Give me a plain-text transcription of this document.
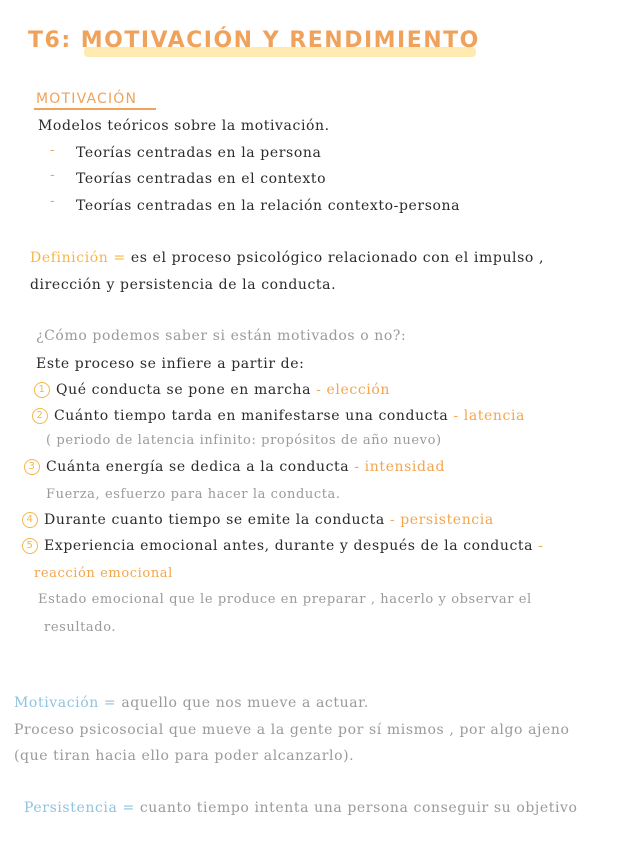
T6: MOTIVACIÓN Y RENDIMIENTO
MOTIVACIÓN
Modelos teóricos sobre la motivación.
- Teorías centradas en la persona
- Teorías centradas en el contexto
- Teorías centradas en la relación contexto-persona
Definición = es el proceso psicológico relacionado con el impulso ,
dirección y persistencia de la conducta.
¿Cómo podemos saber si están motivados o no?:
Este proceso se infiere a partir de:
1 Qué conducta se pone en marcha - elección
2 Cuánto tiempo tarda en manifestarse una conducta - latencia
( periodo de latencia infinito: propósitos de año nuevo)
3 Cuánta energía se dedica a la conducta - intensidad
Fuerza, esfuerzo para hacer la conducta.
4 Durante cuanto tiempo se emite la conducta - persistencia
5 Experiencia emocional antes, durante y después de la conducta -
reacción emocional
Estado emocional que le produce en preparar , hacerlo y observar el
resultado.
Motivación = aquello que nos mueve a actuar.
Proceso psicosocial que mueve a la gente por sí mismos , por algo ajeno
(que tiran hacia ello para poder alcanzarlo).
Persistencia = cuanto tiempo intenta una persona conseguir su objetivo
